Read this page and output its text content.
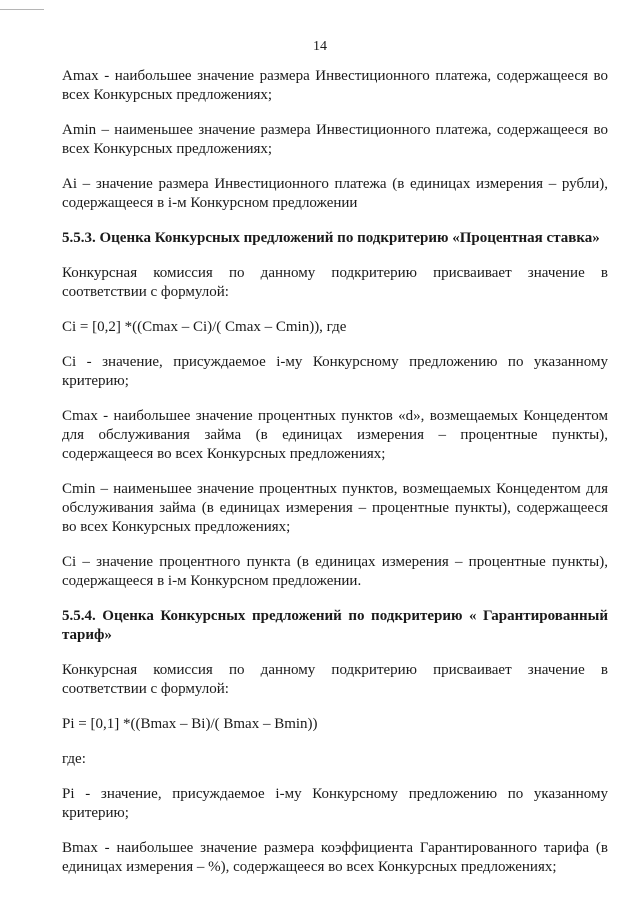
14

Amax - наибольшее значение размера Инвестиционного платежа, содержащееся во всех Конкурсных предложениях;

Amin – наименьшее значение размера Инвестиционного платежа, содержащееся во всех Конкурсных предложениях;

Ai – значение размера Инвестиционного платежа (в единицах измерения – рубли), содержащееся в i-м Конкурсном предложении

5.5.3. Оценка Конкурсных предложений по подкритерию «Процентная ставка»

Конкурсная комиссия по данному подкритерию присваивает значение в соответствии с формулой:

Ci = [0,2] *((Cmax – Ci)/( Cmax – Cmin)), где

Ci - значение, присуждаемое i-му Конкурсному предложению по указанному критерию;

Cmax - наибольшее значение процентных пунктов «d», возмещаемых Концедентом для обслуживания займа (в единицах измерения – процентные пункты), содержащееся во всех Конкурсных предложениях;

Cmin – наименьшее значение процентных пунктов, возмещаемых Концедентом для обслуживания займа (в единицах измерения – процентные пункты), содержащееся во всех Конкурсных предложениях;

Ci – значение процентного пункта (в единицах измерения – процентные пункты), содержащееся в i-м Конкурсном предложении.

5.5.4. Оценка Конкурсных предложений по подкритерию « Гарантированный тариф»

Конкурсная комиссия по данному подкритерию присваивает значение в соответствии с формулой:

Pi = [0,1] *((Bmax – Bi)/( Bmax – Bmin))

где:

Pi - значение, присуждаемое i-му Конкурсному предложению по указанному критерию;

Bmax - наибольшее значение размера коэффициента Гарантированного тарифа (в единицах измерения – %), содержащееся во всех Конкурсных предложениях;
